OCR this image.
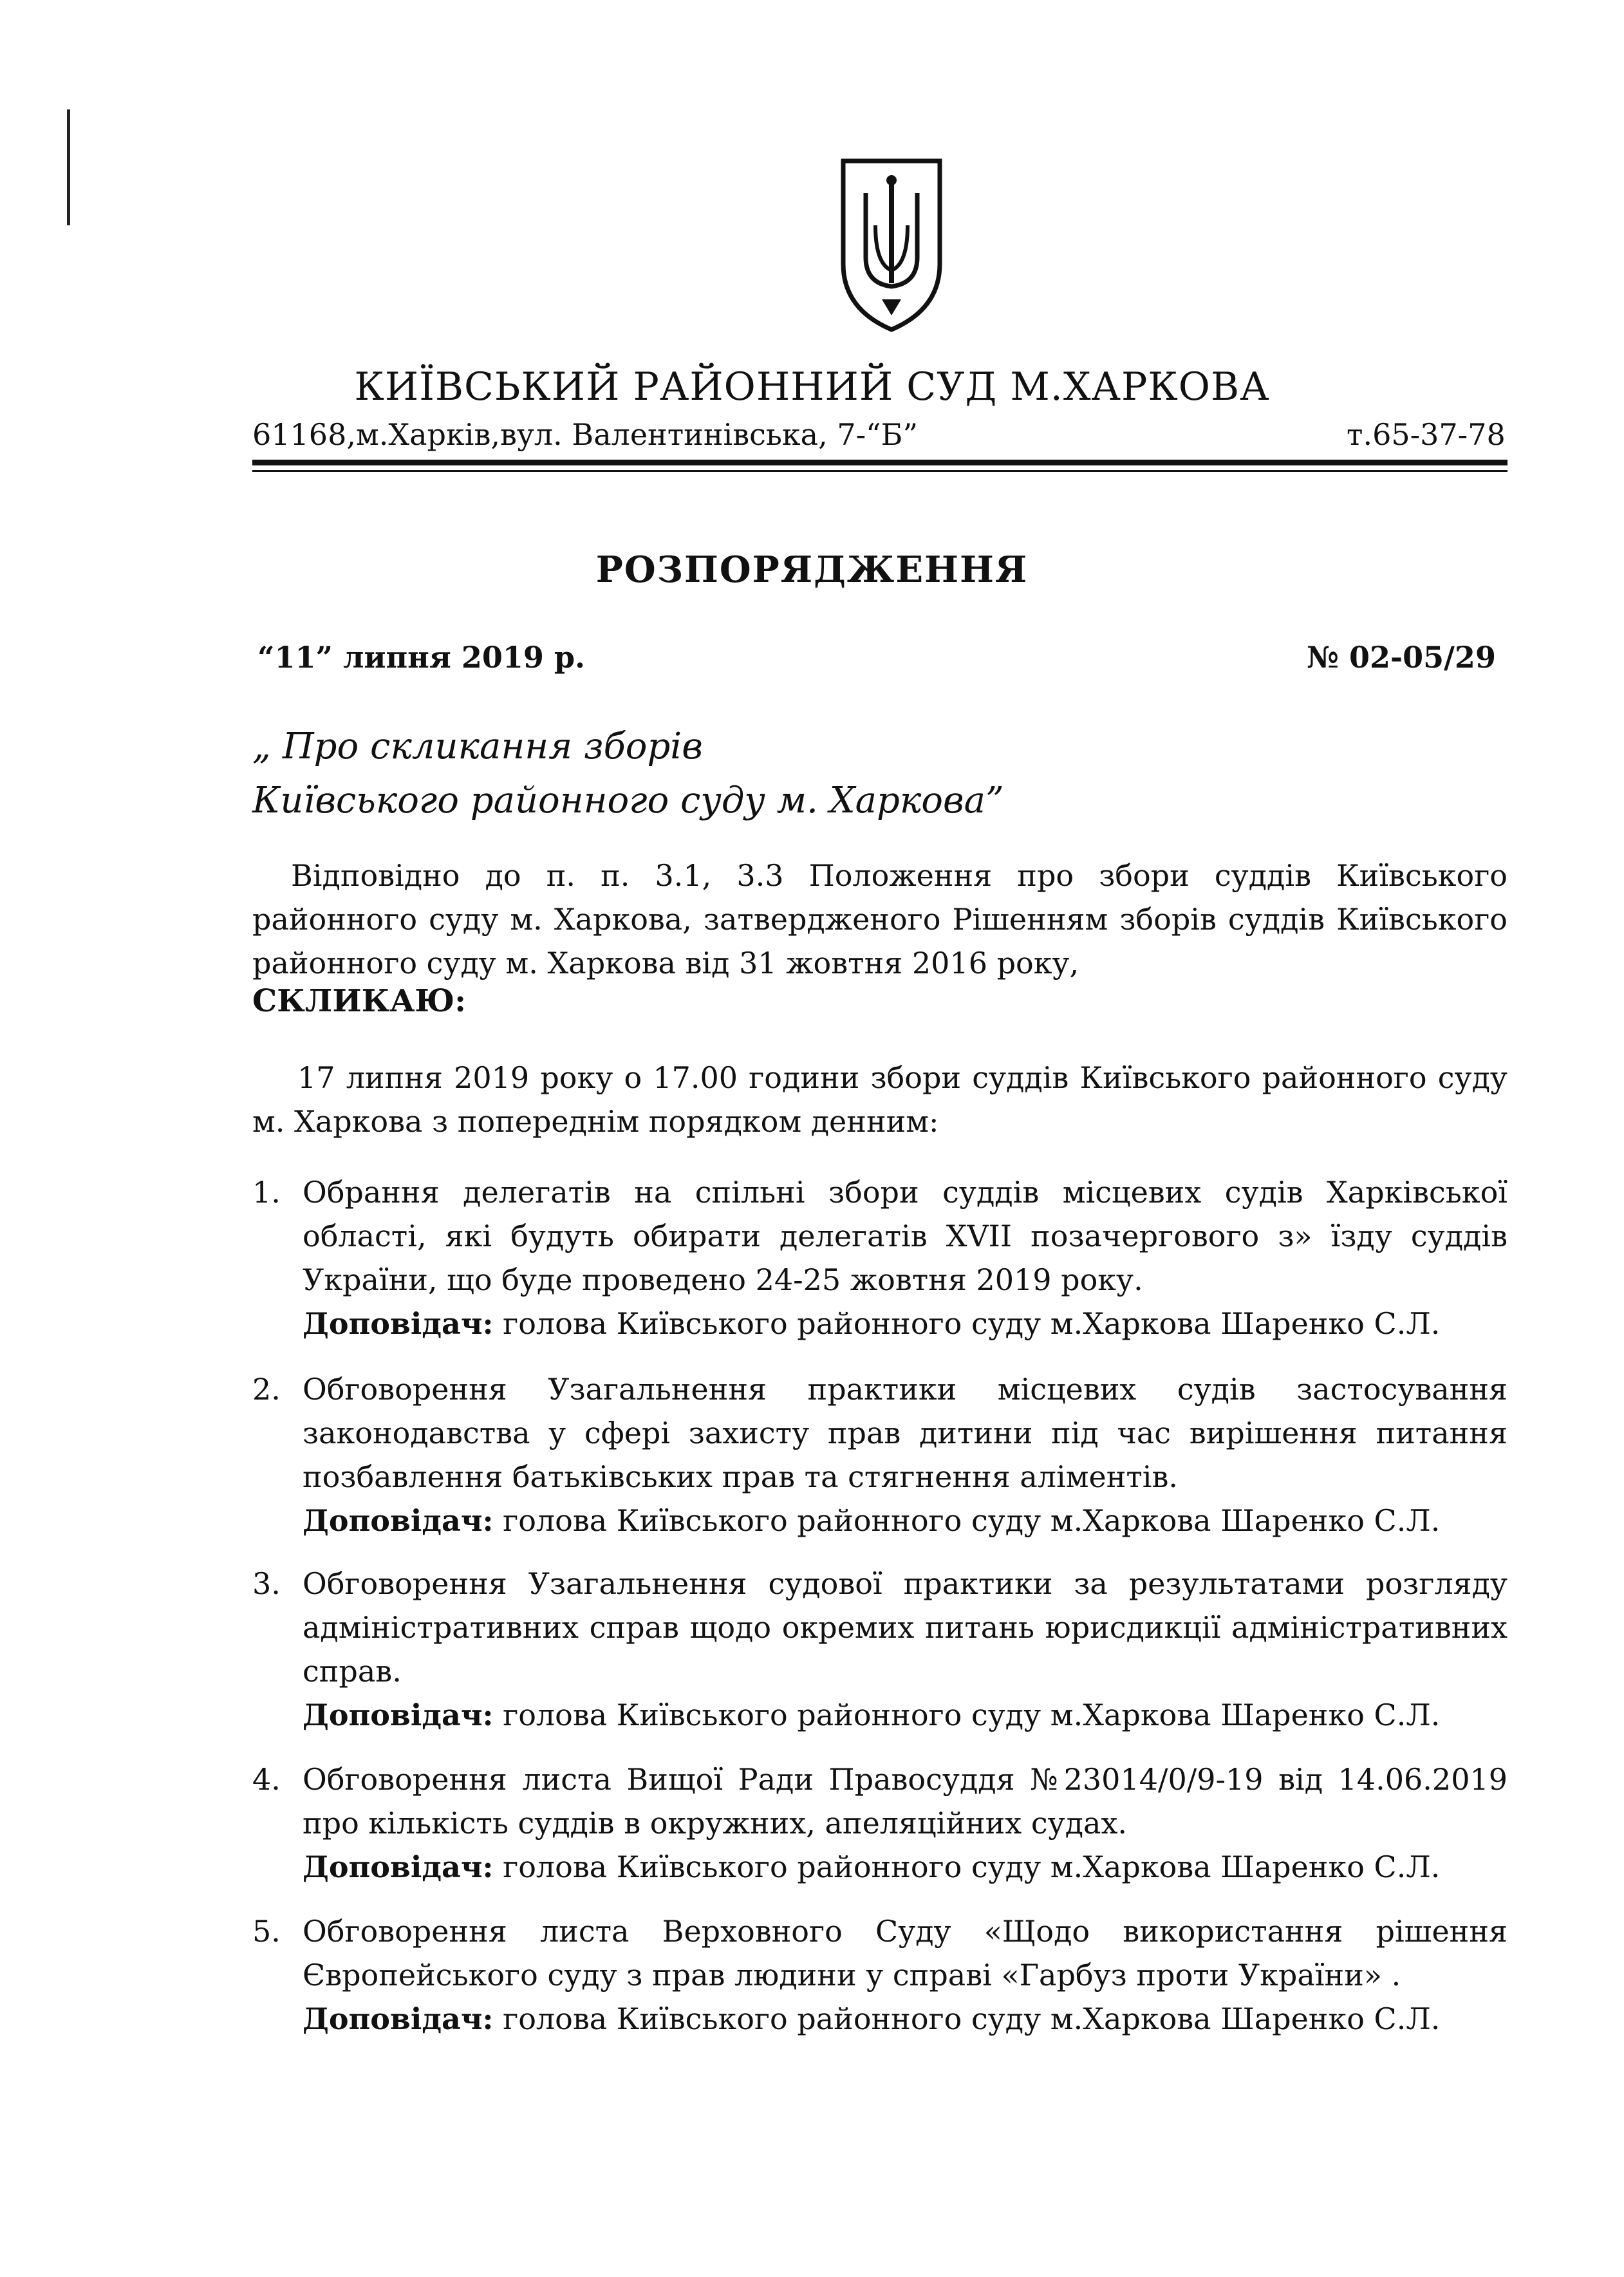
КИЇВСЬКИЙ РАЙОННИЙ СУД М.ХАРКОВА
61168,м.Харків,вул. Валентинівська, 7-“Б”	т.65-37-78
РОЗПОРЯДЖЕННЯ
“11” липня 2019 р.	№ 02-05/29
„ Про скликання зборів
Київського районного суду м. Харкова”
Відповідно до п. п. 3.1, 3.3 Положення про збори суддів Київського районного суду м. Харкова, затвердженого Рішенням зборів суддів Київського районного суду м. Харкова від 31 жовтня 2016 року,
СКЛИКАЮ:
17 липня 2019 року о 17.00 години збори суддів Київського районного суду м. Харкова з попереднім порядком денним:
1. Обрання делегатів на спільні збори суддів місцевих судів Харківської області, які будуть обирати делегатів XVII позачергового з» їзду суддів України, що буде проведено 24-25 жовтня 2019 року.
Доповідач: голова Київського районного суду м.Харкова Шаренко С.Л.
2. Обговорення Узагальнення практики місцевих судів застосування законодавства у сфері захисту прав дитини під час вирішення питання позбавлення батьківських прав та стягнення аліментів.
Доповідач: голова Київського районного суду м.Харкова Шаренко С.Л.
3. Обговорення Узагальнення судової практики за результатами розгляду адміністративних справ щодо окремих питань юрисдикції адміністративних справ.
Доповідач: голова Київського районного суду м.Харкова Шаренко С.Л.
4. Обговорення листа Вищої Ради Правосуддя №23014/0/9-19 від 14.06.2019 про кількість суддів в окружних, апеляційних судах.
Доповідач: голова Київського районного суду м.Харкова Шаренко С.Л.
5. Обговорення листа Верховного Суду «Щодо використання рішення Європейського суду з прав людини у справі «Гарбуз проти України» .
Доповідач: голова Київського районного суду м.Харкова Шаренко С.Л.
